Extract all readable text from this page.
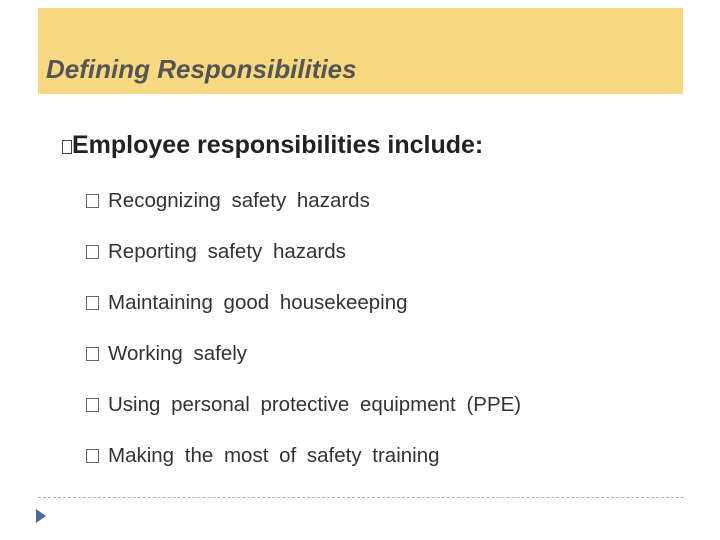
Defining Responsibilities
Employee responsibilities include:
Recognizing safety hazards
Reporting safety hazards
Maintaining good housekeeping
Working safely
Using personal protective equipment (PPE)
Making the most of safety training
